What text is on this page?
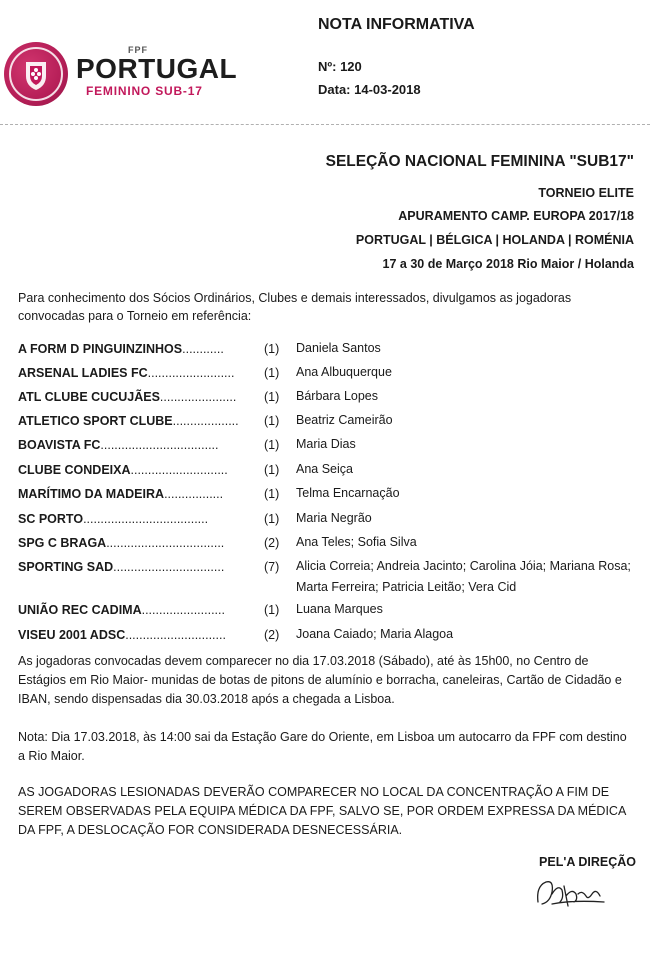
FPF
PORTUGAL
FEMININO SUB-17
NOTA INFORMATIVA
Nº: 120
Data: 14-03-2018
SELEÇÃO NACIONAL FEMININA "SUB17"
TORNEIO ELITE
APURAMENTO CAMP. EUROPA 2017/18
PORTUGAL | BÉLGICA | HOLANDA | ROMÉNIA
17 a 30 de Março 2018 Rio Maior / Holanda
Para conhecimento dos Sócios Ordinários, Clubes e demais interessados, divulgamos as jogadoras convocadas para o Torneio em referência:
A FORM D PINGUINZINHOS............	(1)	Daniela Santos
ARSENAL LADIES FC.........................	(1)	Ana Albuquerque
ATL CLUBE CUCUJÃES......................	(1)	Bárbara Lopes
ATLETICO SPORT CLUBE...................	(1)	Beatriz Cameirão
BOAVISTA FC..................................	(1)	Maria Dias
CLUBE CONDEIXA............................	(1)	Ana Seiça
MARÍTIMO DA MADEIRA.................	(1)	Telma Encarnação
SC PORTO....................................	(1)	Maria Negrão
SPG C BRAGA..................................	(2)	Ana Teles; Sofia Silva
SPORTING SAD................................	(7)	Alicia Correia; Andreia Jacinto; Carolina Jóia; Mariana Rosa; Marta Ferreira; Patricia Leitão; Vera Cid
UNIÃO REC CADIMA........................	(1)	Luana Marques
VISEU 2001 ADSC.............................	(2)	Joana Caiado; Maria Alagoa
As jogadoras convocadas devem comparecer no dia 17.03.2018 (Sábado), até às 15h00, no Centro de Estágios em Rio Maior- munidas de botas de pitons de alumínio e borracha, caneleiras, Cartão de Cidadão e IBAN, sendo dispensadas dia 30.03.2018 após a chegada a Lisboa.
Nota: Dia 17.03.2018, às 14:00 sai da Estação Gare do Oriente, em Lisboa um autocarro da FPF com destino a Rio Maior.
AS JOGADORAS LESIONADAS DEVERÃO COMPARECER NO LOCAL DA CONCENTRAÇÃO A FIM DE SEREM OBSERVADAS PELA EQUIPA MÉDICA DA FPF, SALVO SE, POR ORDEM EXPRESSA DA MÉDICA DA FPF, A DESLOCAÇÃO FOR CONSIDERADA DESNECESSÁRIA.
PEL'A DIREÇÃO
